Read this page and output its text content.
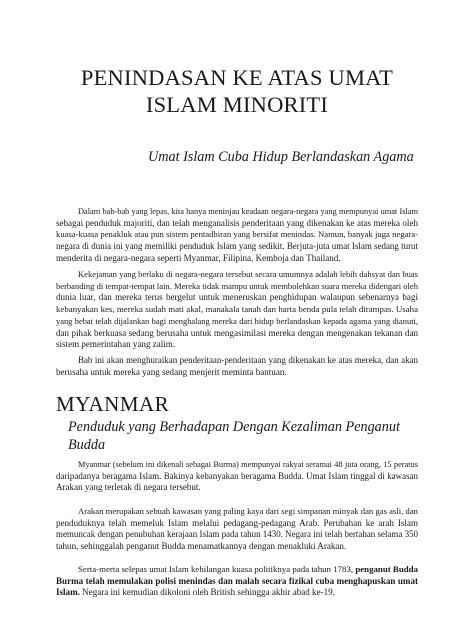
PENINDASAN KE ATAS UMAT
ISLAM MINORITI
Umat Islam Cuba Hidup Berlandaskan Agama
Dalam bab-bab yang lepas, kita hanya meninjau keadaan negara-negara yang mempunyai umat Islam
sebagai penduduk majoriti, dan telah menganalisis penderitaan yang dikenakan ke atas mereka oleh
kuasa-kuasa penakluk atau pun sistem pentadbiran yang bersifat menindas. Namun, banyak juga negara-
negara di dunia ini yang memiliki penduduk Islam yang sedikit. Berjuta-juta umat Islam sedang turut
menderita di negara-negara seperti Myanmar, Filipina, Kemboja dan Thailand.
Kekejaman yang berlaku di negara-negara tersebut secara umumnya adalah lebih dahsyat dan buas
berbanding di tempat-tempat lain. Mereka tidak mampu untuk membolehkan suara mereka didengari oleh
dunia luar, dan mereka terus bergelut untuk meneruskan penghidupan walaupun sebenarnya bagi
kebanyakan kes, mereka sudah mati akal, manakala tanah dan harta benda pula telah dirampas. Usaha
yang hebat telah dijalankan bagi menghalang mereka dari hidup berlandaskan kepada agama yang dianuti,
dan pihak berkuasa sedang berusaha untuk mengasimilasi mereka dengan mengenakan tekanan dan
sistem pemerintahan yang zalim.
Bab ini akan menghuraikan penderitaan-penderitaan yang dikenakan ke atas mereka, dan akan
berusaha untuk mereka yang sedang menjerit meminta bantuan.
MYANMAR
Penduduk yang Berhadapan Dengan Kezaliman Penganut
Budda
Myanmar (sebelum ini dikenali sebagai Burma) mempunyai rakyat seramai 48 juta orang, 15 peratus
daripadanya beragama Islam. Bakinya kebanyakan beragama Budda. Umat Islam tinggal di kawasan
Arakan yang terletak di negara tersebut.
Arakan merupakan sebuah kawasan yang paling kaya dari segi simpanan minyak dan gas asli, dan
penduduknya telah memeluk Islam melalui pedagang-pedagang Arab. Perubahan ke arah Islam
memuncak dengan penubuhan kerajaan Islam pada tahun 1430. Negara ini telah bertahan selama 350
tahun, sehinggalah penganut Budda menamatkannya dengan menakluki Arakan.
Serta-merta selepas umat Islam kehilangan kuasa politiknya pada tahun 1783, penganut Budda
Burma telah memulakan polisi menindas dan malah secara fizikal cuba menghapuskan umat
Islam. Negara ini kemudian dikoloni oleh British sehingga akhir abad ke-19.
